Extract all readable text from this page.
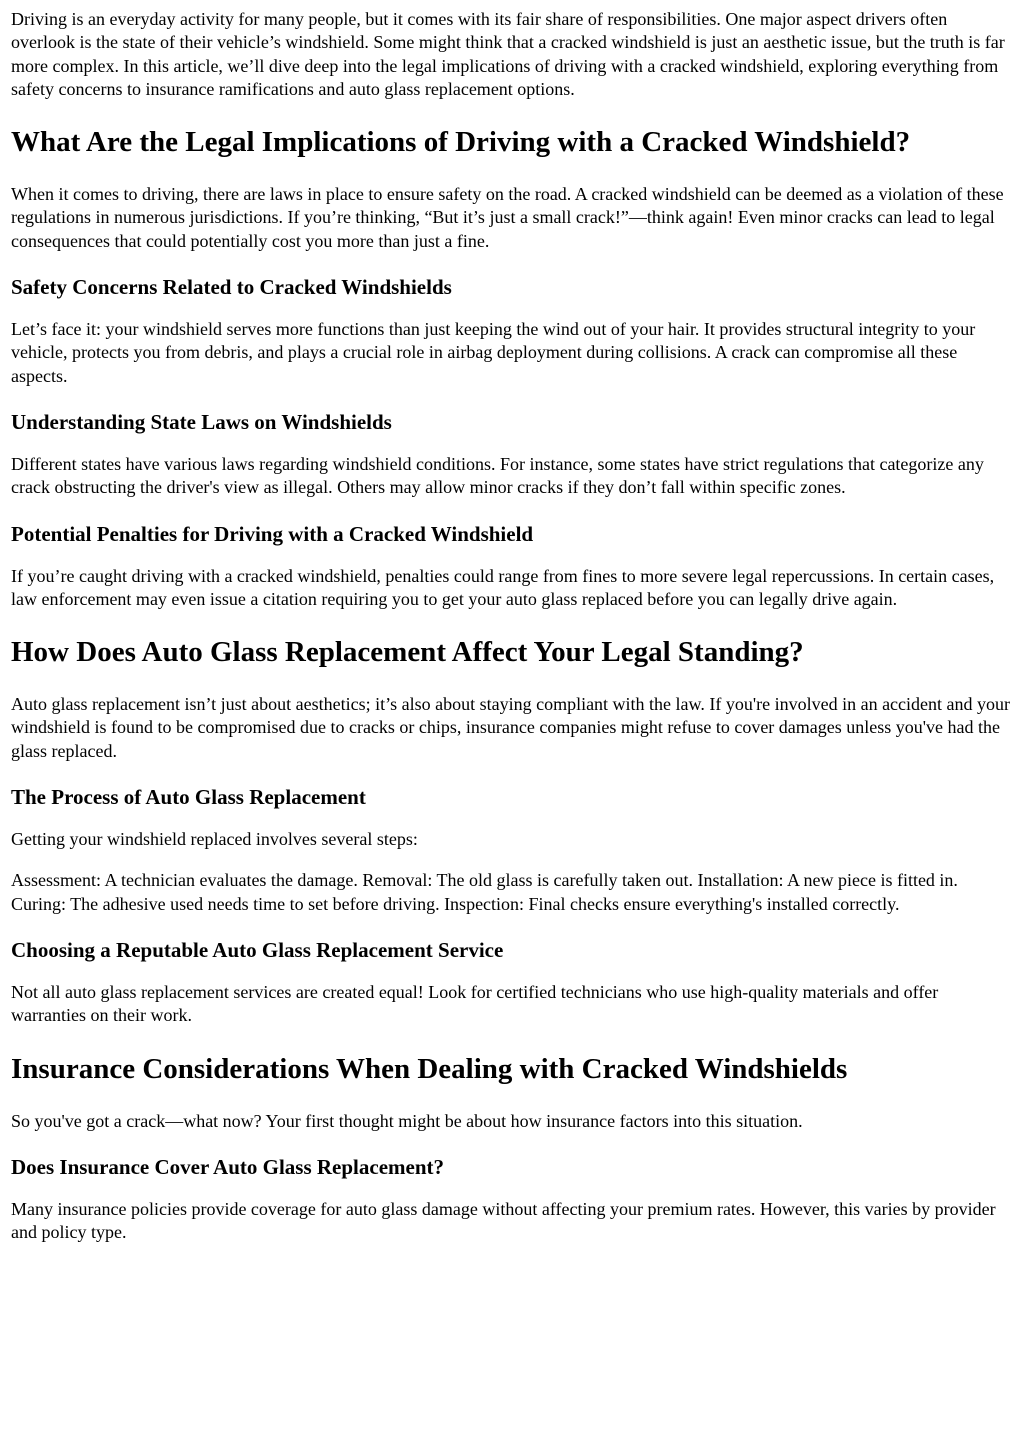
Driving is an everyday activity for many people, but it comes with its fair share of responsibilities. One major aspect drivers often overlook is the state of their vehicle’s windshield. Some might think that a cracked windshield is just an aesthetic issue, but the truth is far more complex. In this article, we’ll dive deep into the legal implications of driving with a cracked windshield, exploring everything from safety concerns to insurance ramifications and auto glass replacement options.

What Are the Legal Implications of Driving with a Cracked Windshield?

When it comes to driving, there are laws in place to ensure safety on the road. A cracked windshield can be deemed as a violation of these regulations in numerous jurisdictions. If you’re thinking, “But it’s just a small crack!”—think again! Even minor cracks can lead to legal consequences that could potentially cost you more than just a fine.

Safety Concerns Related to Cracked Windshields

Let’s face it: your windshield serves more functions than just keeping the wind out of your hair. It provides structural integrity to your vehicle, protects you from debris, and plays a crucial role in airbag deployment during collisions. A crack can compromise all these aspects.

Understanding State Laws on Windshields

Different states have various laws regarding windshield conditions. For instance, some states have strict regulations that categorize any crack obstructing the driver's view as illegal. Others may allow minor cracks if they don’t fall within specific zones.

Potential Penalties for Driving with a Cracked Windshield

If you’re caught driving with a cracked windshield, penalties could range from fines to more severe legal repercussions. In certain cases, law enforcement may even issue a citation requiring you to get your auto glass replaced before you can legally drive again.

How Does Auto Glass Replacement Affect Your Legal Standing?

Auto glass replacement isn’t just about aesthetics; it’s also about staying compliant with the law. If you're involved in an accident and your windshield is found to be compromised due to cracks or chips, insurance companies might refuse to cover damages unless you've had the glass replaced.

The Process of Auto Glass Replacement

Getting your windshield replaced involves several steps:

Assessment: A technician evaluates the damage. Removal: The old glass is carefully taken out. Installation: A new piece is fitted in. Curing: The adhesive used needs time to set before driving. Inspection: Final checks ensure everything's installed correctly.

Choosing a Reputable Auto Glass Replacement Service

Not all auto glass replacement services are created equal! Look for certified technicians who use high-quality materials and offer warranties on their work.

Insurance Considerations When Dealing with Cracked Windshields

So you've got a crack—what now? Your first thought might be about how insurance factors into this situation.

Does Insurance Cover Auto Glass Replacement?

Many insurance policies provide coverage for auto glass damage without affecting your premium rates. However, this varies by provider and policy type.
